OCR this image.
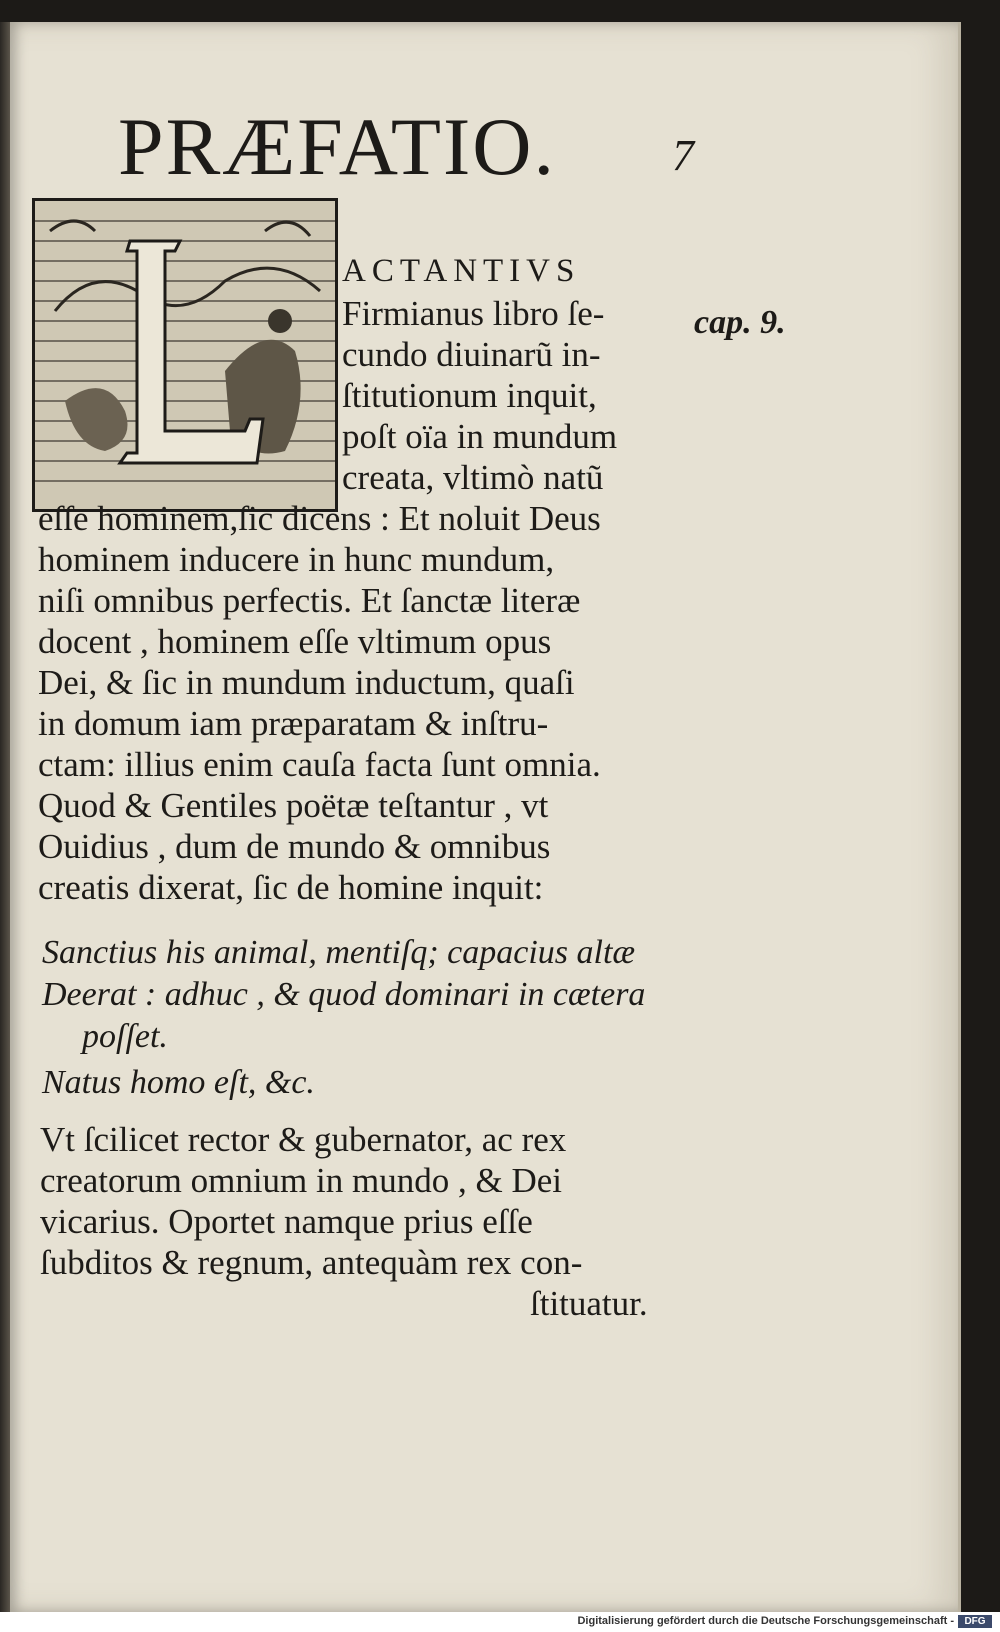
PRÆFATIO.	7
cap. 9.
ACTANTIVS
Firmianus libro ſe-
cundo diuinarũ in-
ſtitutionum inquit,
poſt oïa in mundum
creata, vltimò natũ
eſſe hominem,ſic dicens : Et noluit Deus
hominem inducere in hunc mundum,
niſi omnibus perfectis. Et ſanctæ literæ
docent , hominem eſſe vltimum opus
Dei, & ſic in mundum inductum, quaſi
in domum iam præparatam & inſtru-
ctam: illius enim cauſa facta ſunt omnia.
Quod & Gentiles poëtæ teſtantur , vt
Ouidius , dum de mundo & omnibus
creatis dixerat, ſic de homine inquit:
Sanctius his animal, mentiſq; capacius altæ
Deerat : adhuc , & quod dominari in cætera
poſſet.
Natus homo eſt, &c.
Vt ſcilicet rector & gubernator, ac rex
creatorum omnium in mundo , & Dei
vicarius. Oportet namque prius eſſe
ſubditos & regnum, antequàm rex con-
ſtituatur.
Digitalisierung gefördert durch die Deutsche Forschungsgemeinschaft -	DFG
